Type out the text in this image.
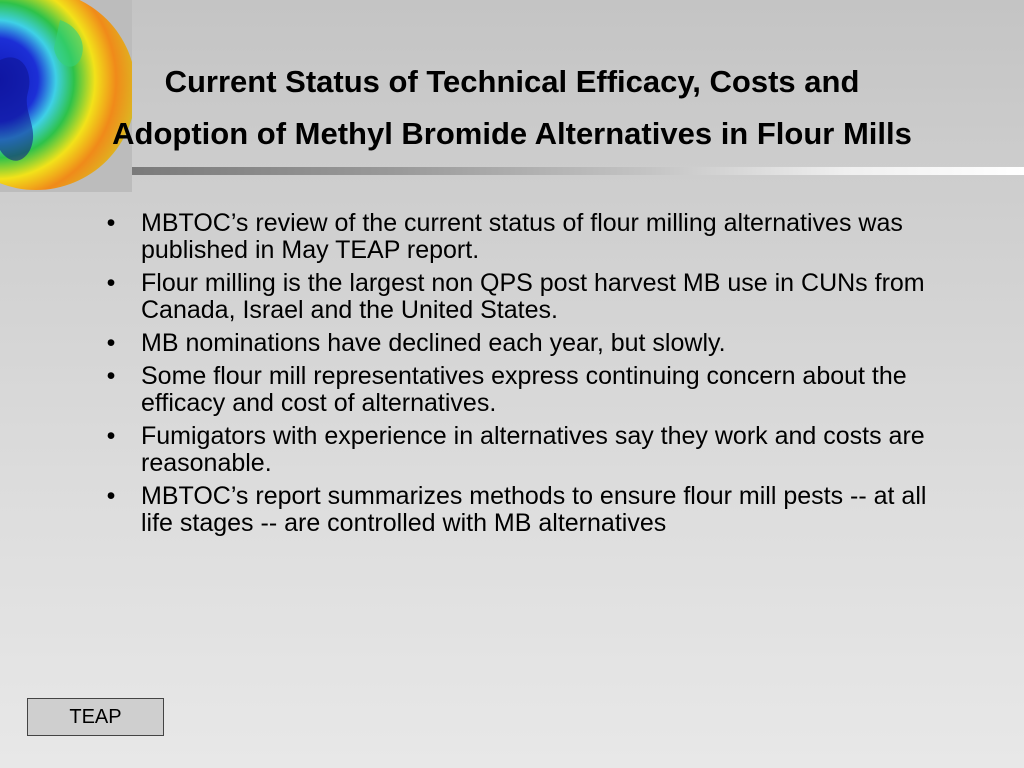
Current Status of Technical Efficacy, Costs and
Adoption of Methyl Bromide Alternatives in Flour Mills
• MBTOC’s review of the current status of flour milling alternatives was published in May TEAP report.
• Flour milling is the largest non QPS post harvest MB use in CUNs from Canada, Israel and the United States.
• MB nominations have declined each year, but slowly.
• Some flour mill representatives express continuing concern about the efficacy and cost of alternatives.
• Fumigators with experience in alternatives say they work and costs are reasonable.
• MBTOC’s report summarizes methods to ensure flour mill pests -- at all life stages -- are controlled with MB alternatives
TEAP
